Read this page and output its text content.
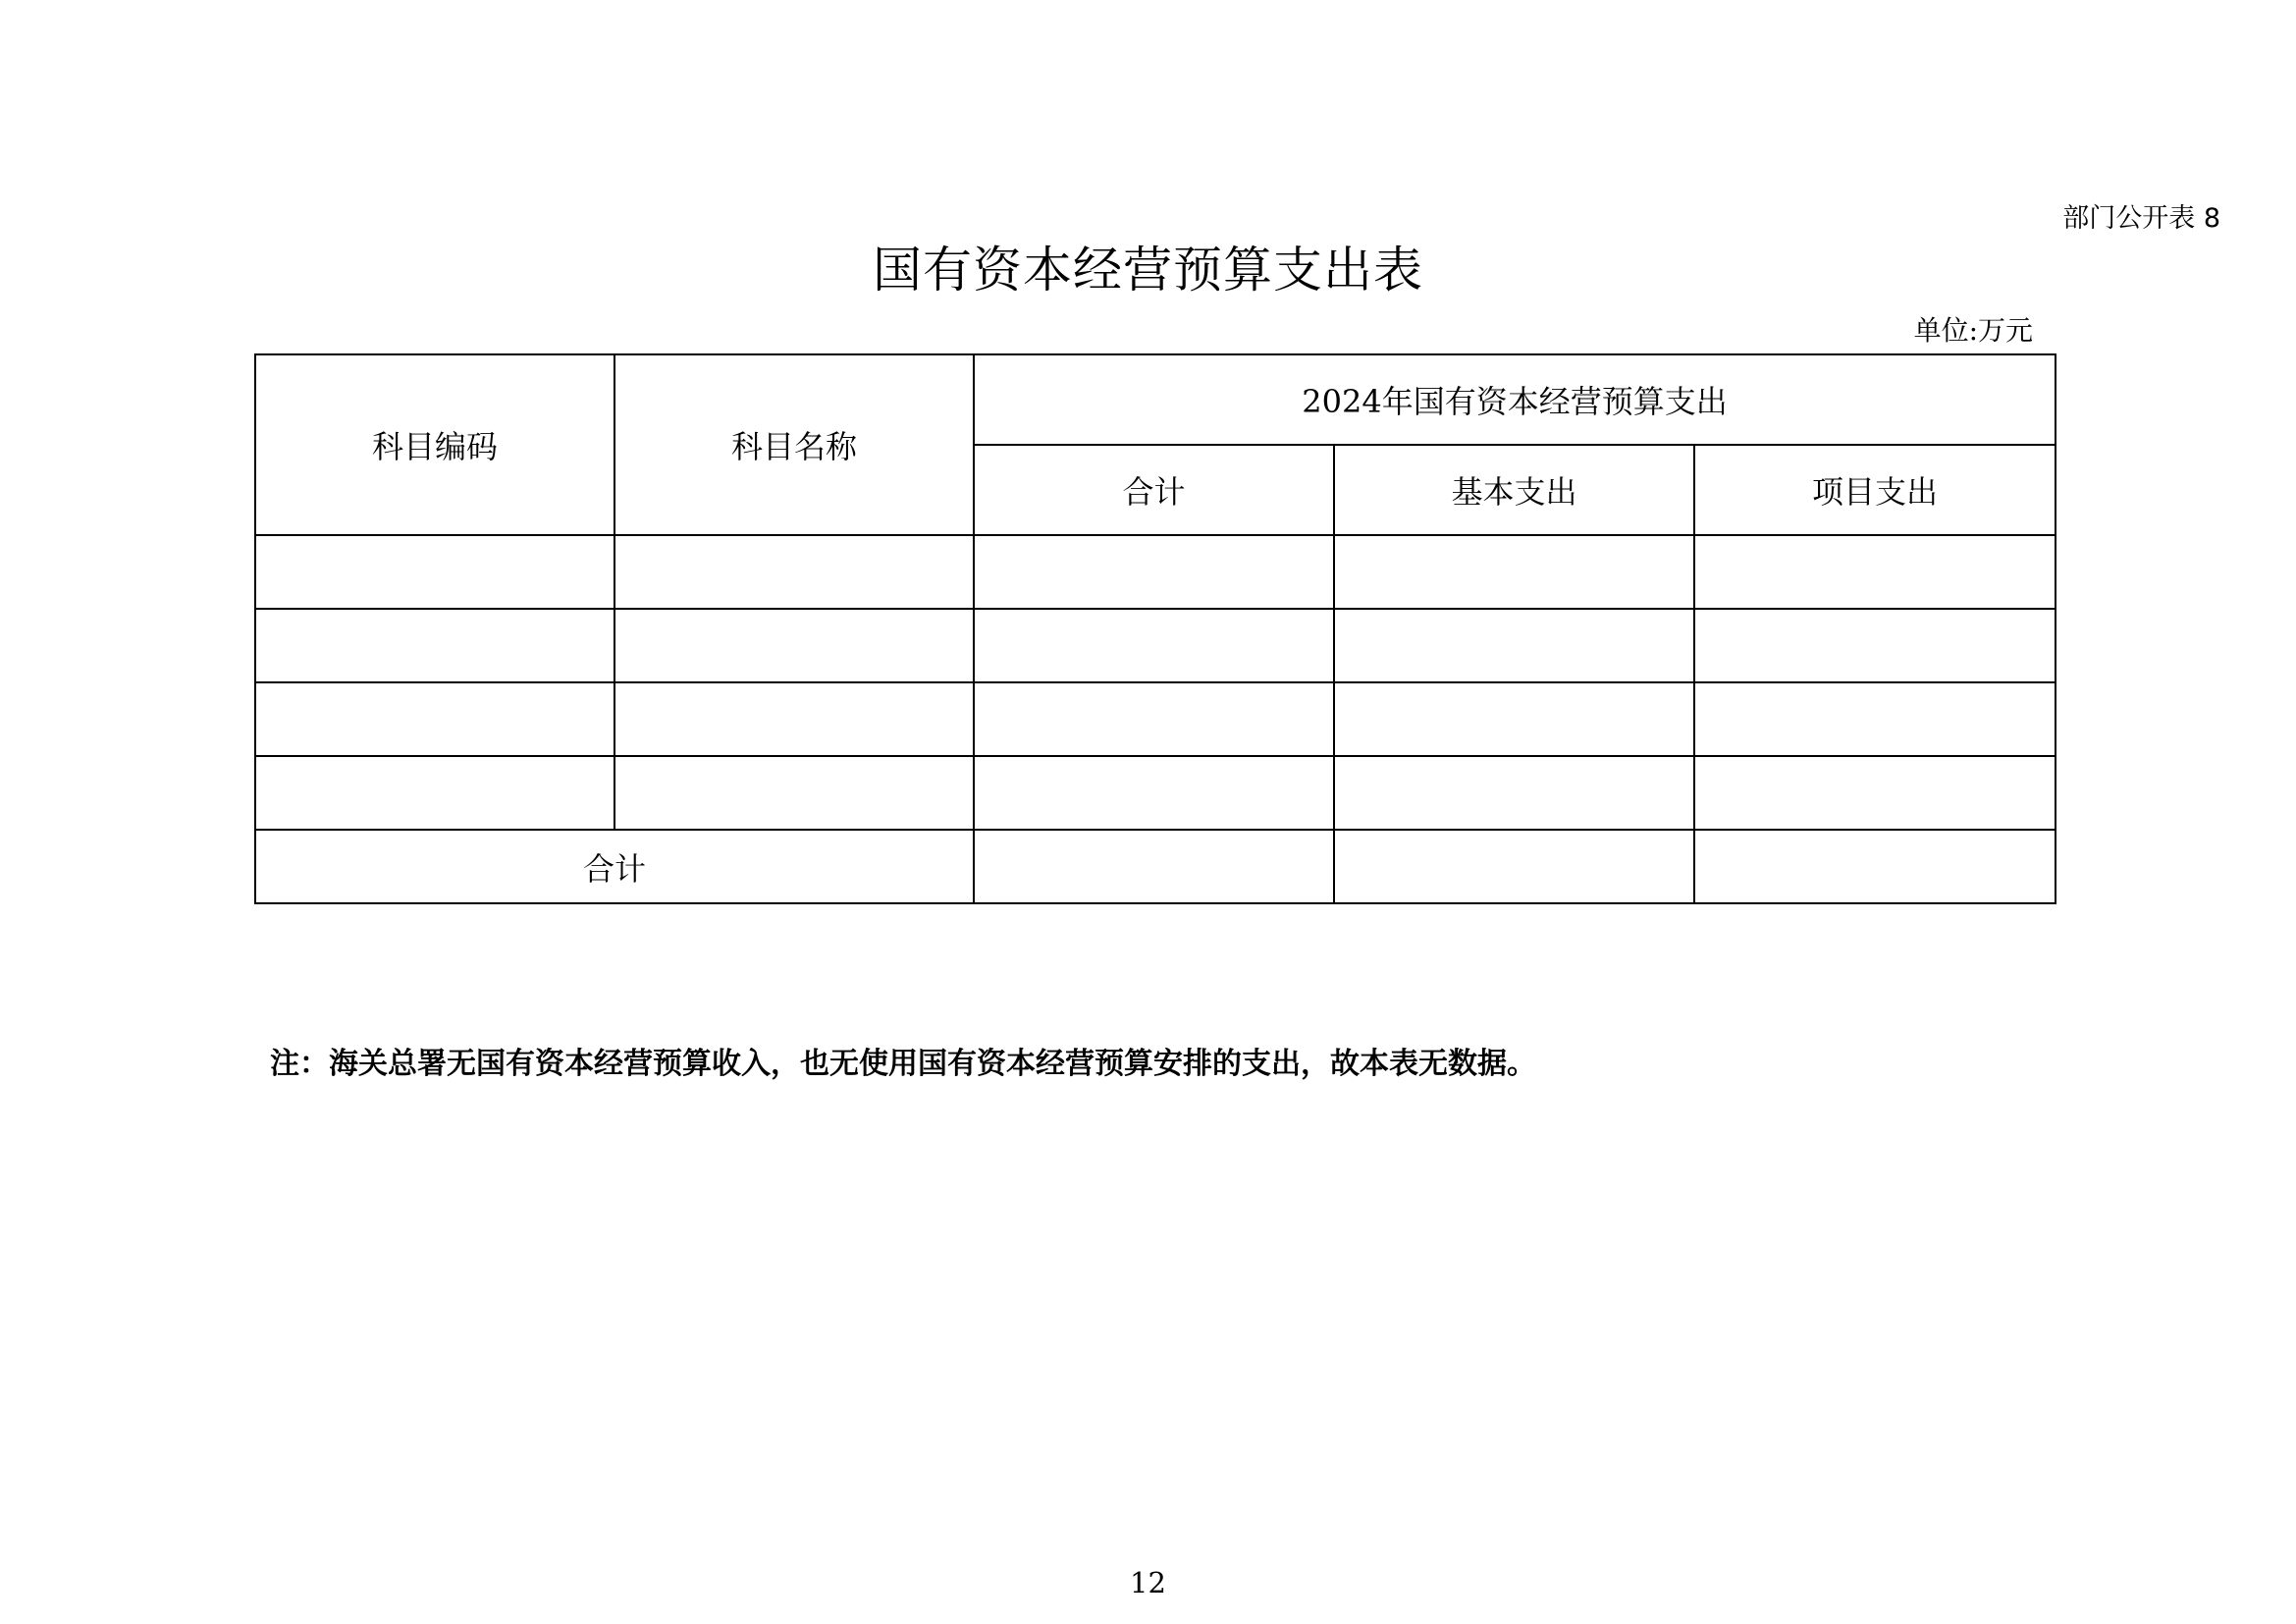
部门公开表 8
国有资本经营预算支出表
单位:万元
科目编码	科目名称	2024年国有资本经营预算支出		
		合计	基本支出	项目支出

合计				
注：海关总署无国有资本经营预算收入，也无使用国有资本经营预算安排的支出，故本表无数据。
12
